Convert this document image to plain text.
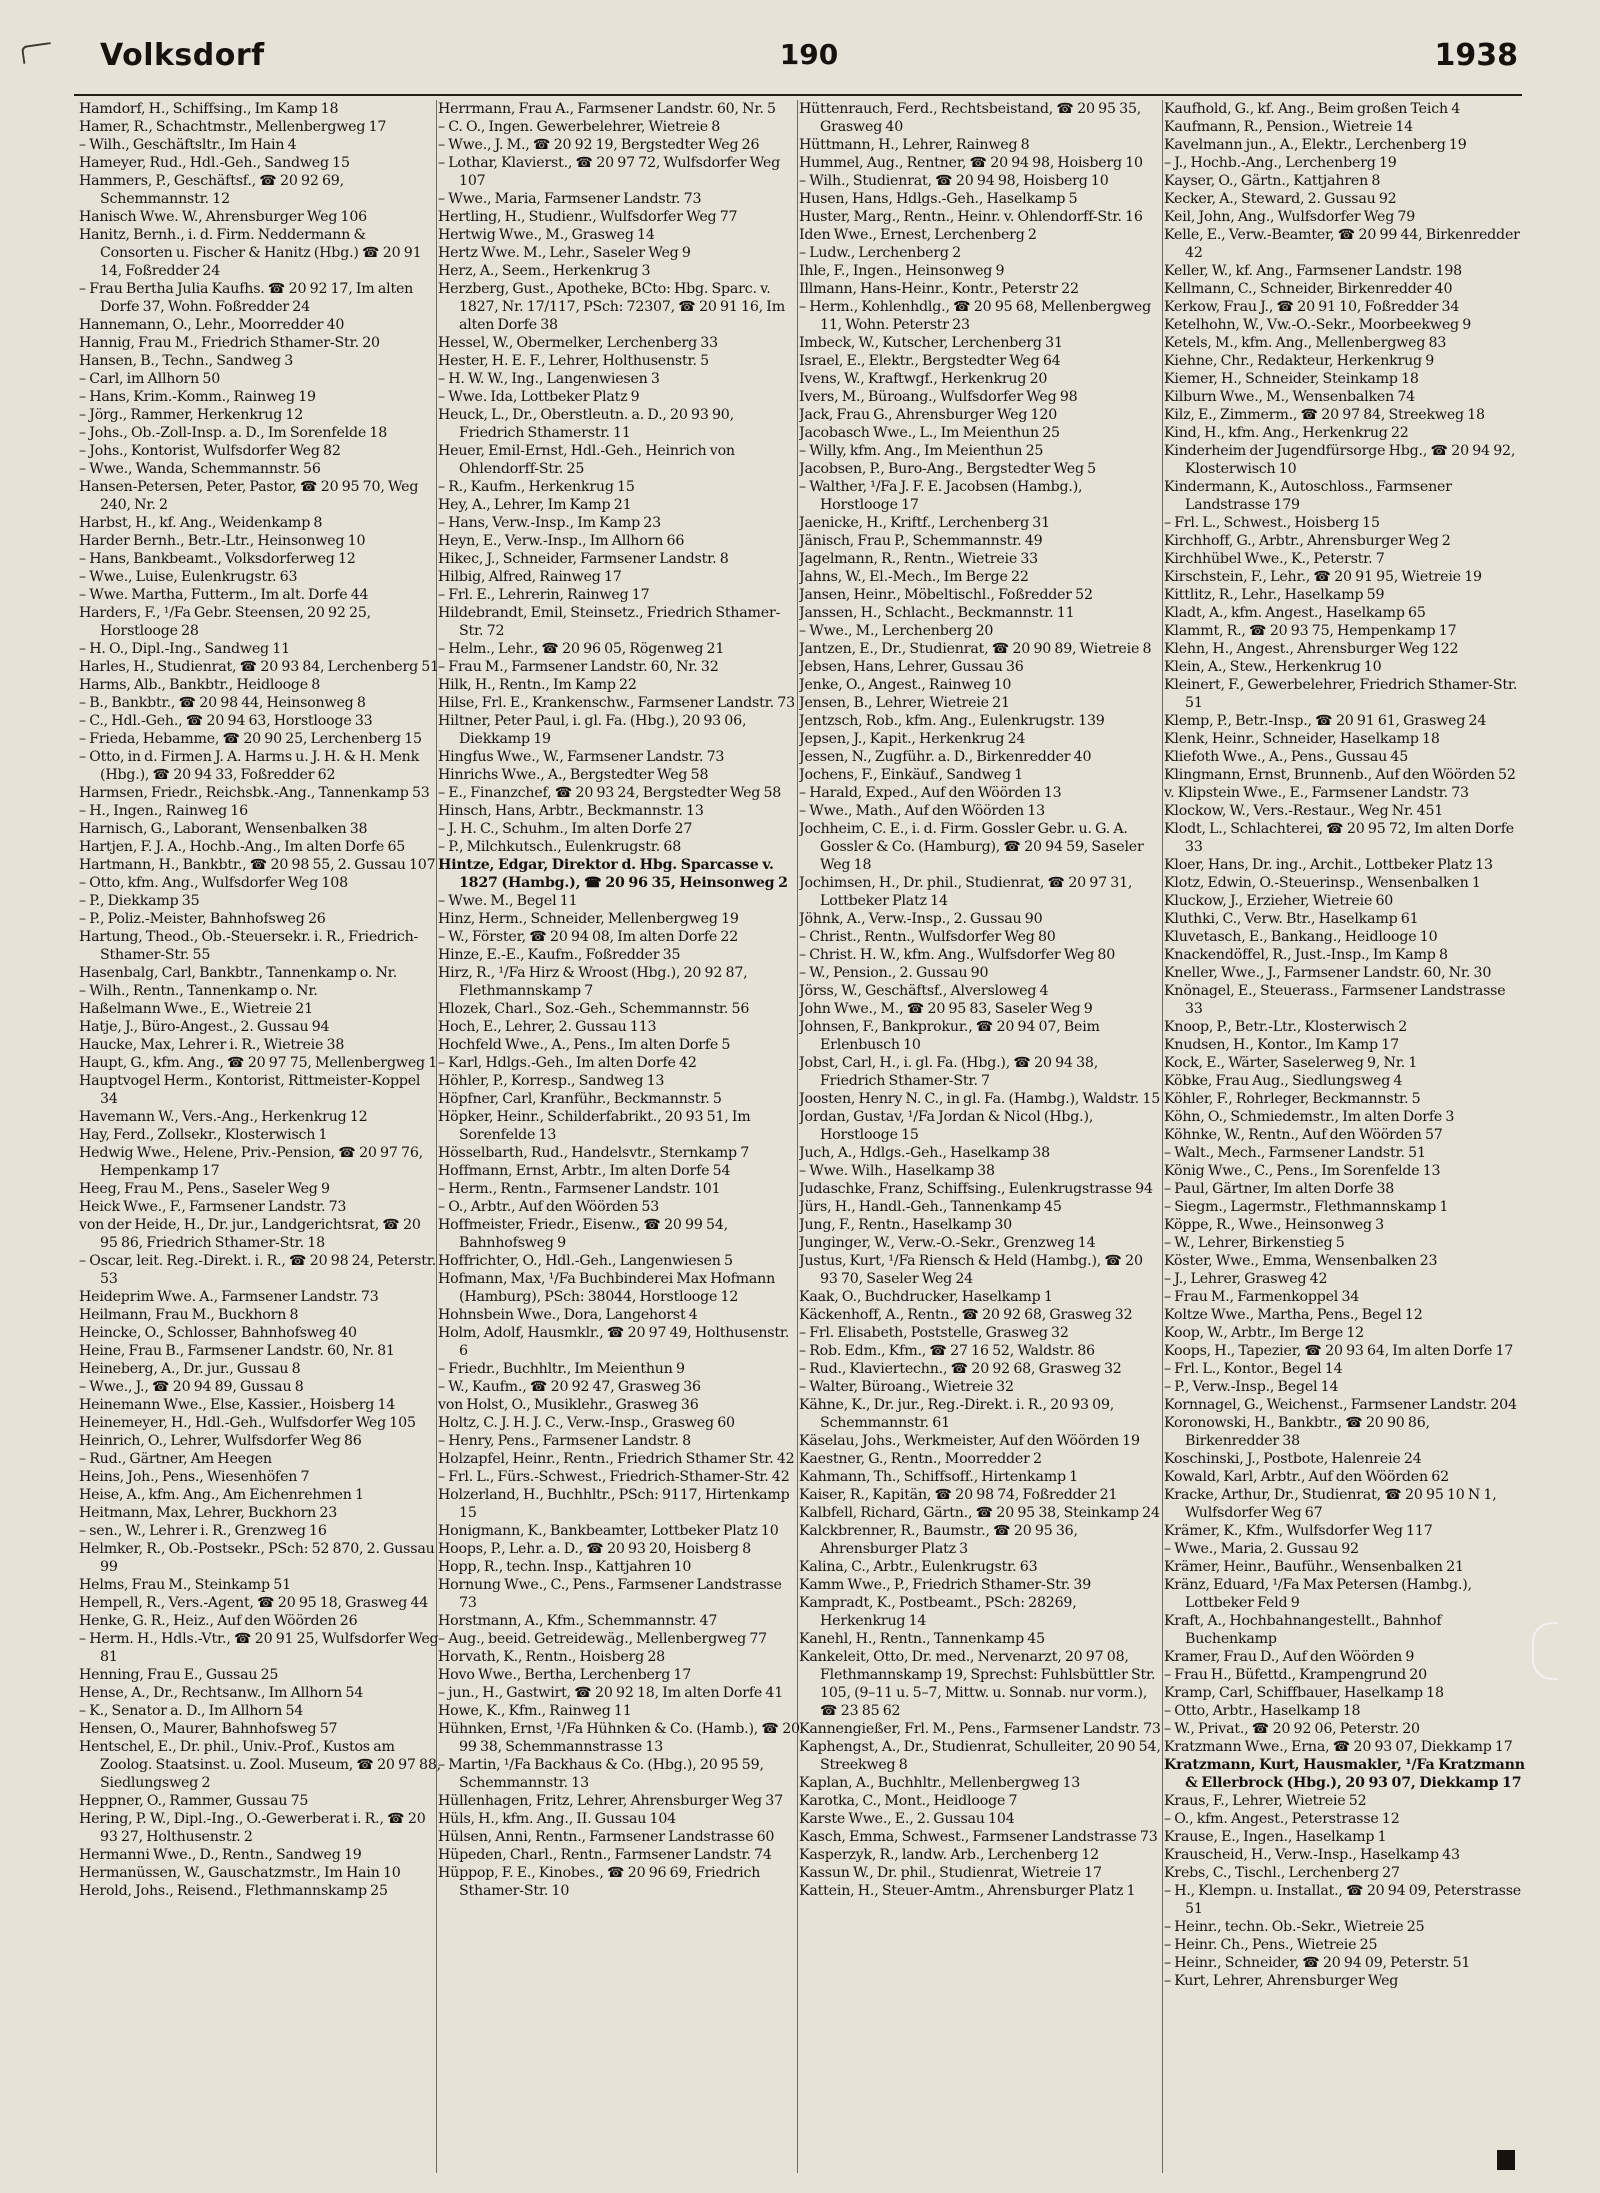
Volksdorf	190	1938

Hamdorf, H., Schiffsing., Im Kamp 18

Hamer, R., Schachtmstr., Mellenbergweg 17

– Wilh., Geschäftsltr., Im Hain 4

Hameyer, Rud., Hdl.-Geh., Sandweg 15

Hammers, P., Geschäftsf., ☎ 20 92 69, Schemmannstr. 12

Hanisch Wwe. W., Ahrensburger Weg 106

Hanitz, Bernh., i. d. Firm. Neddermann & Consorten u. Fischer & Hanitz (Hbg.) ☎ 20 91 14, Foßredder 24

– Frau Bertha Julia Kaufhs. ☎ 20 92 17, Im alten Dorfe 37, Wohn. Foßredder 24

Hannemann, O., Lehr., Moorredder 40

Hannig, Frau M., Friedrich Sthamer-Str. 20

Hansen, B., Techn., Sandweg 3

– Carl, im Allhorn 50

– Hans, Krim.-Komm., Rainweg 19

– Jörg., Rammer, Herkenkrug 12

– Johs., Ob.-Zoll-Insp. a. D., Im Sorenfelde 18

– Johs., Kontorist, Wulfsdorfer Weg 82

– Wwe., Wanda, Schemmannstr. 56

Hansen-Petersen, Peter, Pastor, ☎ 20 95 70, Weg 240, Nr. 2

Harbst, H., kf. Ang., Weidenkamp 8

Harder Bernh., Betr.-Ltr., Heinsonweg 10

– Hans, Bankbeamt., Volksdorferweg 12

– Wwe., Luise, Eulenkrugstr. 63

– Wwe. Martha, Futterm., Im alt. Dorfe 44

Harders, F., ¹/Fa Gebr. Steensen, 20 92 25, Horstlooge 28

– H. O., Dipl.-Ing., Sandweg 11

Harles, H., Studienrat, ☎ 20 93 84, Lerchenberg 51

Harms, Alb., Bankbtr., Heidlooge 8

– B., Bankbtr., ☎ 20 98 44, Heinsonweg 8

– C., Hdl.-Geh., ☎ 20 94 63, Horstlooge 33

– Frieda, Hebamme, ☎ 20 90 25, Lerchenberg 15

– Otto, in d. Firmen J. A. Harms u. J. H. & H. Menk (Hbg.), ☎ 20 94 33, Foßredder 62

Harmsen, Friedr., Reichsbk.-Ang., Tannenkamp 53

– H., Ingen., Rainweg 16

Harnisch, G., Laborant, Wensenbalken 38

Hartjen, F. J. A., Hochb.-Ang., Im alten Dorfe 65

Hartmann, H., Bankbtr., ☎ 20 98 55, 2. Gussau 107

– Otto, kfm. Ang., Wulfsdorfer Weg 108

– P., Diekkamp 35

– P., Poliz.-Meister, Bahnhofsweg 26

Hartung, Theod., Ob.-Steuersekr. i. R., Friedrich-Sthamer-Str. 55

Hasenbalg, Carl, Bankbtr., Tannenkamp o. Nr.

– Wilh., Rentn., Tannenkamp o. Nr.

Haßelmann Wwe., E., Wietreie 21

Hatje, J., Büro-Angest., 2. Gussau 94

Haucke, Max, Lehrer i. R., Wietreie 38

Haupt, G., kfm. Ang., ☎ 20 97 75, Mellenbergweg 1

Hauptvogel Herm., Kontorist, Rittmeister-Koppel 34

Havemann W., Vers.-Ang., Herkenkrug 12

Hay, Ferd., Zollsekr., Klosterwisch 1

Hedwig Wwe., Helene, Priv.-Pension, ☎ 20 97 76, Hempenkamp 17

Heeg, Frau M., Pens., Saseler Weg 9

Heick Wwe., F., Farmsener Landstr. 73

von der Heide, H., Dr. jur., Landgerichtsrat, ☎ 20 95 86, Friedrich Sthamer-Str. 18

– Oscar, leit. Reg.-Direkt. i. R., ☎ 20 98 24, Peterstr. 53

Heideprim Wwe. A., Farmsener Landstr. 73

Heilmann, Frau M., Buckhorn 8

Heincke, O., Schlosser, Bahnhofsweg 40

Heine, Frau B., Farmsener Landstr. 60, Nr. 81

Heineberg, A., Dr. jur., Gussau 8

– Wwe., J., ☎ 20 94 89, Gussau 8

Heinemann Wwe., Else, Kassier., Hoisberg 14

Heinemeyer, H., Hdl.-Geh., Wulfsdorfer Weg 105

Heinrich, O., Lehrer, Wulfsdorfer Weg 86

– Rud., Gärtner, Am Heegen

Heins, Joh., Pens., Wiesenhöfen 7

Heise, A., kfm. Ang., Am Eichenrehmen 1

Heitmann, Max, Lehrer, Buckhorn 23

– sen., W., Lehrer i. R., Grenzweg 16

Helmker, R., Ob.-Postsekr., PSch: 52 870, 2. Gussau 99

Helms, Frau M., Steinkamp 51

Hempell, R., Vers.-Agent, ☎ 20 95 18, Grasweg 44

Henke, G. R., Heiz., Auf den Wöörden 26

– Herm. H., Hdls.-Vtr., ☎ 20 91 25, Wulfsdorfer Weg 81

Henning, Frau E., Gussau 25

Hense, A., Dr., Rechtsanw., Im Allhorn 54

– K., Senator a. D., Im Allhorn 54

Hensen, O., Maurer, Bahnhofsweg 57

Hentschel, E., Dr. phil., Univ.-Prof., Kustos am Zoolog. Staatsinst. u. Zool. Museum, ☎ 20 97 88, Siedlungsweg 2

Heppner, O., Rammer, Gussau 75

Hering, P. W., Dipl.-Ing., O.-Gewerberat i. R., ☎ 20 93 27, Holthusenstr. 2

Hermanni Wwe., D., Rentn., Sandweg 19

Hermanüssen, W., Gauschatzmstr., Im Hain 10

Herold, Johs., Reisend., Flethmannskamp 25

Herrmann, Frau A., Farmsener Landstr. 60, Nr. 5

– C. O., Ingen. Gewerbelehrer, Wietreie 8

– Wwe., J. M., ☎ 20 92 19, Bergstedter Weg 26

– Lothar, Klavierst., ☎ 20 97 72, Wulfsdorfer Weg 107

– Wwe., Maria, Farmsener Landstr. 73

Hertling, H., Studienr., Wulfsdorfer Weg 77

Hertwig Wwe., M., Grasweg 14

Hertz Wwe. M., Lehr., Saseler Weg 9

Herz, A., Seem., Herkenkrug 3

Herzberg, Gust., Apotheke, BCto: Hbg. Sparc. v. 1827, Nr. 17/117, PSch: 72307, ☎ 20 91 16, Im alten Dorfe 38

Hessel, W., Obermelker, Lerchenberg 33

Hester, H. E. F., Lehrer, Holthusenstr. 5

– H. W. W., Ing., Langenwiesen 3

– Wwe. Ida, Lottbeker Platz 9

Heuck, L., Dr., Oberstleutn. a. D., 20 93 90, Friedrich Sthamerstr. 11

Heuer, Emil-Ernst, Hdl.-Geh., Heinrich von Ohlendorff-Str. 25

– R., Kaufm., Herkenkrug 15

Hey, A., Lehrer, Im Kamp 21

– Hans, Verw.-Insp., Im Kamp 23

Heyn, E., Verw.-Insp., Im Allhorn 66

Hikec, J., Schneider, Farmsener Landstr. 8

Hilbig, Alfred, Rainweg 17

– Frl. E., Lehrerin, Rainweg 17

Hildebrandt, Emil, Steinsetz., Friedrich Sthamer-Str. 72

– Helm., Lehr., ☎ 20 96 05, Rögenweg 21

– Frau M., Farmsener Landstr. 60, Nr. 32

Hilk, H., Rentn., Im Kamp 22

Hilse, Frl. E., Krankenschw., Farmsener Landstr. 73

Hiltner, Peter Paul, i. gl. Fa. (Hbg.), 20 93 06, Diekkamp 19

Hingfus Wwe., W., Farmsener Landstr. 73

Hinrichs Wwe., A., Bergstedter Weg 58

– E., Finanzchef, ☎ 20 93 24, Bergstedter Weg 58

Hinsch, Hans, Arbtr., Beckmannstr. 13

– J. H. C., Schuhm., Im alten Dorfe 27

– P., Milchkutsch., Eulenkrugstr. 68

Hintze, Edgar, Direktor d. Hbg. Sparcasse v. 1827 (Hambg.), ☎ 20 96 35, Heinsonweg 2

– Wwe. M., Begel 11

Hinz, Herm., Schneider, Mellenbergweg 19

– W., Förster, ☎ 20 94 08, Im alten Dorfe 22

Hinze, E.-E., Kaufm., Foßredder 35

Hirz, R., ¹/Fa Hirz & Wroost (Hbg.), 20 92 87, Flethmannskamp 7

Hlozek, Charl., Soz.-Geh., Schemmannstr. 56

Hoch, E., Lehrer, 2. Gussau 113

Hochfeld Wwe., A., Pens., Im alten Dorfe 5

– Karl, Hdlgs.-Geh., Im alten Dorfe 42

Höhler, P., Korresp., Sandweg 13

Höpfner, Carl, Kranführ., Beckmannstr. 5

Höpker, Heinr., Schilderfabrikt., 20 93 51, Im Sorenfelde 13

Hösselbarth, Rud., Handelsvtr., Sternkamp 7

Hoffmann, Ernst, Arbtr., Im alten Dorfe 54

– Herm., Rentn., Farmsener Landstr. 101

– O., Arbtr., Auf den Wöörden 53

Hoffmeister, Friedr., Eisenw., ☎ 20 99 54, Bahnhofsweg 9

Hoffrichter, O., Hdl.-Geh., Langenwiesen 5

Hofmann, Max, ¹/Fa Buchbinderei Max Hofmann (Hamburg), PSch: 38044, Horstlooge 12

Hohnsbein Wwe., Dora, Langehorst 4

Holm, Adolf, Hausmklr., ☎ 20 97 49, Holthusenstr. 6

– Friedr., Buchhltr., Im Meienthun 9

– W., Kaufm., ☎ 20 92 47, Grasweg 36

von Holst, O., Musiklehr., Grasweg 36

Holtz, C. J. H. J. C., Verw.-Insp., Grasweg 60

– Henry, Pens., Farmsener Landstr. 8

Holzapfel, Heinr., Rentn., Friedrich Sthamer Str. 42

– Frl. L., Fürs.-Schwest., Friedrich-Sthamer-Str. 42

Holzerland, H., Buchhltr., PSch: 9117, Hirtenkamp 15

Honigmann, K., Bankbeamter, Lottbeker Platz 10

Hoops, P., Lehr. a. D., ☎ 20 93 20, Hoisberg 8

Hopp, R., techn. Insp., Kattjahren 10

Hornung Wwe., C., Pens., Farmsener Landstrasse 73

Horstmann, A., Kfm., Schemmannstr. 47

– Aug., beeid. Getreidewäg., Mellenbergweg 77

Horvath, K., Rentn., Hoisberg 28

Hovo Wwe., Bertha, Lerchenberg 17

– jun., H., Gastwirt, ☎ 20 92 18, Im alten Dorfe 41

Howe, K., Kfm., Rainweg 11

Hühnken, Ernst, ¹/Fa Hühnken & Co. (Hamb.), ☎ 20 99 38, Schemmannstrasse 13

– Martin, ¹/Fa Backhaus & Co. (Hbg.), 20 95 59, Schemmannstr. 13

Hüllenhagen, Fritz, Lehrer, Ahrensburger Weg 37

Hüls, H., kfm. Ang., II. Gussau 104

Hülsen, Anni, Rentn., Farmsener Landstrasse 60

Hüpeden, Charl., Rentn., Farmsener Landstr. 74

Hüppop, F. E., Kinobes., ☎ 20 96 69, Friedrich Sthamer-Str. 10

Hüttenrauch, Ferd., Rechtsbeistand, ☎ 20 95 35, Grasweg 40

Hüttmann, H., Lehrer, Rainweg 8

Hummel, Aug., Rentner, ☎ 20 94 98, Hoisberg 10

– Wilh., Studienrat, ☎ 20 94 98, Hoisberg 10

Husen, Hans, Hdlgs.-Geh., Haselkamp 5

Huster, Marg., Rentn., Heinr. v. Ohlendorff-Str. 16

Iden Wwe., Ernest, Lerchenberg 2

– Ludw., Lerchenberg 2

Ihle, F., Ingen., Heinsonweg 9

Illmann, Hans-Heinr., Kontr., Peterstr 22

– Herm., Kohlenhdlg., ☎ 20 95 68, Mellenbergweg 11, Wohn. Peterstr 23

Imbeck, W., Kutscher, Lerchenberg 31

Israel, E., Elektr., Bergstedter Weg 64

Ivens, W., Kraftwgf., Herkenkrug 20

Ivers, M., Büroang., Wulfsdorfer Weg 98

Jack, Frau G., Ahrensburger Weg 120

Jacobasch Wwe., L., Im Meienthun 25

– Willy, kfm. Ang., Im Meienthun 25

Jacobsen, P., Buro-Ang., Bergstedter Weg 5

– Walther, ¹/Fa J. F. E. Jacobsen (Hambg.), Horstlooge 17

Jaenicke, H., Kriftf., Lerchenberg 31

Jänisch, Frau P., Schemmannstr. 49

Jagelmann, R., Rentn., Wietreie 33

Jahns, W., El.-Mech., Im Berge 22

Jansen, Heinr., Möbeltischl., Foßredder 52

Janssen, H., Schlacht., Beckmannstr. 11

– Wwe., M., Lerchenberg 20

Jantzen, E., Dr., Studienrat, ☎ 20 90 89, Wietreie 8

Jebsen, Hans, Lehrer, Gussau 36

Jenke, O., Angest., Rainweg 10

Jensen, B., Lehrer, Wietreie 21

Jentzsch, Rob., kfm. Ang., Eulenkrugstr. 139

Jepsen, J., Kapit., Herkenkrug 24

Jessen, N., Zugführ. a. D., Birkenredder 40

Jochens, F., Einkäuf., Sandweg 1

– Harald, Exped., Auf den Wöörden 13

– Wwe., Math., Auf den Wöörden 13

Jochheim, C. E., i. d. Firm. Gossler Gebr. u. G. A. Gossler & Co. (Hamburg), ☎ 20 94 59, Saseler Weg 18

Jochimsen, H., Dr. phil., Studienrat, ☎ 20 97 31, Lottbeker Platz 14

Jöhnk, A., Verw.-Insp., 2. Gussau 90

– Christ., Rentn., Wulfsdorfer Weg 80

– Christ. H. W., kfm. Ang., Wulfsdorfer Weg 80

– W., Pension., 2. Gussau 90

Jörss, W., Geschäftsf., Alversloweg 4

John Wwe., M., ☎ 20 95 83, Saseler Weg 9

Johnsen, F., Bankprokur., ☎ 20 94 07, Beim Erlenbusch 10

Jobst, Carl, H., i. gl. Fa. (Hbg.), ☎ 20 94 38, Friedrich Sthamer-Str. 7

Joosten, Henry N. C., in gl. Fa. (Hambg.), Waldstr. 15

Jordan, Gustav, ¹/Fa Jordan & Nicol (Hbg.), Horstlooge 15

Juch, A., Hdlgs.-Geh., Haselkamp 38

– Wwe. Wilh., Haselkamp 38

Judaschke, Franz, Schiffsing., Eulenkrugstrasse 94

Jürs, H., Handl.-Geh., Tannenkamp 45

Jung, F., Rentn., Haselkamp 30

Junginger, W., Verw.-O.-Sekr., Grenzweg 14

Justus, Kurt, ¹/Fa Riensch & Held (Hambg.), ☎ 20 93 70, Saseler Weg 24

Kaak, O., Buchdrucker, Haselkamp 1

Käckenhoff, A., Rentn., ☎ 20 92 68, Grasweg 32

– Frl. Elisabeth, Poststelle, Grasweg 32

– Rob. Edm., Kfm., ☎ 27 16 52, Waldstr. 86

– Rud., Klaviertechn., ☎ 20 92 68, Grasweg 32

– Walter, Büroang., Wietreie 32

Kähne, K., Dr. jur., Reg.-Direkt. i. R., 20 93 09, Schemmannstr. 61

Käselau, Johs., Werkmeister, Auf den Wöörden 19

Kaestner, G., Rentn., Moorredder 2

Kahmann, Th., Schiffsoff., Hirtenkamp 1

Kaiser, R., Kapitän, ☎ 20 98 74, Foßredder 21

Kalbfell, Richard, Gärtn., ☎ 20 95 38, Steinkamp 24

Kalckbrenner, R., Baumstr., ☎ 20 95 36, Ahrensburger Platz 3

Kalina, C., Arbtr., Eulenkrugstr. 63

Kamm Wwe., P., Friedrich Sthamer-Str. 39

Kampradt, K., Postbeamt., PSch: 28269, Herkenkrug 14

Kanehl, H., Rentn., Tannenkamp 45

Kankeleit, Otto, Dr. med., Nervenarzt, 20 97 08, Flethmannskamp 19, Sprechst: Fuhlsbüttler Str. 105, (9–11 u. 5–7, Mittw. u. Sonnab. nur vorm.), ☎ 23 85 62

Kannengießer, Frl. M., Pens., Farmsener Landstr. 73

Kaphengst, A., Dr., Studienrat, Schulleiter, 20 90 54, Streekweg 8

Kaplan, A., Buchhltr., Mellenbergweg 13

Karotka, C., Mont., Heidlooge 7

Karste Wwe., E., 2. Gussau 104

Kasch, Emma, Schwest., Farmsener Landstrasse 73

Kasperzyk, R., landw. Arb., Lerchenberg 12

Kassun W., Dr. phil., Studienrat, Wietreie 17

Kattein, H., Steuer-Amtm., Ahrensburger Platz 1

Kaufhold, G., kf. Ang., Beim großen Teich 4

Kaufmann, R., Pension., Wietreie 14

Kavelmann jun., A., Elektr., Lerchenberg 19

– J., Hochb.-Ang., Lerchenberg 19

Kayser, O., Gärtn., Kattjahren 8

Kecker, A., Steward, 2. Gussau 92

Keil, John, Ang., Wulfsdorfer Weg 79

Kelle, E., Verw.-Beamter, ☎ 20 99 44, Birkenredder 42

Keller, W., kf. Ang., Farmsener Landstr. 198

Kellmann, C., Schneider, Birkenredder 40

Kerkow, Frau J., ☎ 20 91 10, Foßredder 34

Ketelhohn, W., Vw.-O.-Sekr., Moorbeekweg 9

Ketels, M., kfm. Ang., Mellenbergweg 83

Kiehne, Chr., Redakteur, Herkenkrug 9

Kiemer, H., Schneider, Steinkamp 18

Kilburn Wwe., M., Wensenbalken 74

Kilz, E., Zimmerm., ☎ 20 97 84, Streekweg 18

Kind, H., kfm. Ang., Herkenkrug 22

Kinderheim der Jugendfürsorge Hbg., ☎ 20 94 92, Klosterwisch 10

Kindermann, K., Autoschloss., Farmsener Landstrasse 179

– Frl. L., Schwest., Hoisberg 15

Kirchhoff, G., Arbtr., Ahrensburger Weg 2

Kirchhübel Wwe., K., Peterstr. 7

Kirschstein, F., Lehr., ☎ 20 91 95, Wietreie 19

Kittlitz, R., Lehr., Haselkamp 59

Kladt, A., kfm. Angest., Haselkamp 65

Klammt, R., ☎ 20 93 75, Hempenkamp 17

Klehn, H., Angest., Ahrensburger Weg 122

Klein, A., Stew., Herkenkrug 10

Kleinert, F., Gewerbelehrer, Friedrich Sthamer-Str. 51

Klemp, P., Betr.-Insp., ☎ 20 91 61, Grasweg 24

Klenk, Heinr., Schneider, Haselkamp 18

Kliefoth Wwe., A., Pens., Gussau 45

Klingmann, Ernst, Brunnenb., Auf den Wöörden 52

v. Klipstein Wwe., E., Farmsener Landstr. 73

Klockow, W., Vers.-Restaur., Weg Nr. 451

Klodt, L., Schlachterei, ☎ 20 95 72, Im alten Dorfe 33

Kloer, Hans, Dr. ing., Archit., Lottbeker Platz 13

Klotz, Edwin, O.-Steuerinsp., Wensenbalken 1

Kluckow, J., Erzieher, Wietreie 60

Kluthki, C., Verw. Btr., Haselkamp 61

Kluvetasch, E., Bankang., Heidlooge 10

Knackendöffel, R., Just.-Insp., Im Kamp 8

Kneller, Wwe., J., Farmsener Landstr. 60, Nr. 30

Knönagel, E., Steuerass., Farmsener Landstrasse 33

Knoop, P., Betr.-Ltr., Klosterwisch 2

Knudsen, H., Kontor., Im Kamp 17

Kock, E., Wärter, Saselerweg 9, Nr. 1

Köbke, Frau Aug., Siedlungsweg 4

Köhler, F., Rohrleger, Beckmannstr. 5

Köhn, O., Schmiedemstr., Im alten Dorfe 3

Köhnke, W., Rentn., Auf den Wöörden 57

– Walt., Mech., Farmsener Landstr. 51

König Wwe., C., Pens., Im Sorenfelde 13

– Paul, Gärtner, Im alten Dorfe 38

– Siegm., Lagermstr., Flethmannskamp 1

Köppe, R., Wwe., Heinsonweg 3

– W., Lehrer, Birkenstieg 5

Köster, Wwe., Emma, Wensenbalken 23

– J., Lehrer, Grasweg 42

– Frau M., Farmenkoppel 34

Koltze Wwe., Martha, Pens., Begel 12

Koop, W., Arbtr., Im Berge 12

Koops, H., Tapezier, ☎ 20 93 64, Im alten Dorfe 17

– Frl. L., Kontor., Begel 14

– P., Verw.-Insp., Begel 14

Kornnagel, G., Weichenst., Farmsener Landstr. 204

Koronowski, H., Bankbtr., ☎ 20 90 86, Birkenredder 38

Koschinski, J., Postbote, Halenreie 24

Kowald, Karl, Arbtr., Auf den Wöörden 62

Kracke, Arthur, Dr., Studienrat, ☎ 20 95 10 N 1, Wulfsdorfer Weg 67

Krämer, K., Kfm., Wulfsdorfer Weg 117

– Wwe., Maria, 2. Gussau 92

Krämer, Heinr., Bauführ., Wensenbalken 21

Kränz, Eduard, ¹/Fa Max Petersen (Hambg.), Lottbeker Feld 9

Kraft, A., Hochbahnangestellt., Bahnhof Buchenkamp

Kramer, Frau D., Auf den Wöörden 9

– Frau H., Büfettd., Krampengrund 20

Kramp, Carl, Schiffbauer, Haselkamp 18

– Otto, Arbtr., Haselkamp 18

– W., Privat., ☎ 20 92 06, Peterstr. 20

Kratzmann Wwe., Erna, ☎ 20 93 07, Diekkamp 17

Kratzmann, Kurt, Hausmakler, ¹/Fa Kratzmann & Ellerbrock (Hbg.), 20 93 07, Diekkamp 17

Kraus, F., Lehrer, Wietreie 52

– O., kfm. Angest., Peterstrasse 12

Krause, E., Ingen., Haselkamp 1

Krauscheid, H., Verw.-Insp., Haselkamp 43

Krebs, C., Tischl., Lerchenberg 27

– H., Klempn. u. Installat., ☎ 20 94 09, Peterstrasse 51

– Heinr., techn. Ob.-Sekr., Wietreie 25

– Heinr. Ch., Pens., Wietreie 25

– Heinr., Schneider, ☎ 20 94 09, Peterstr. 51

– Kurt, Lehrer, Ahrensburger Weg
